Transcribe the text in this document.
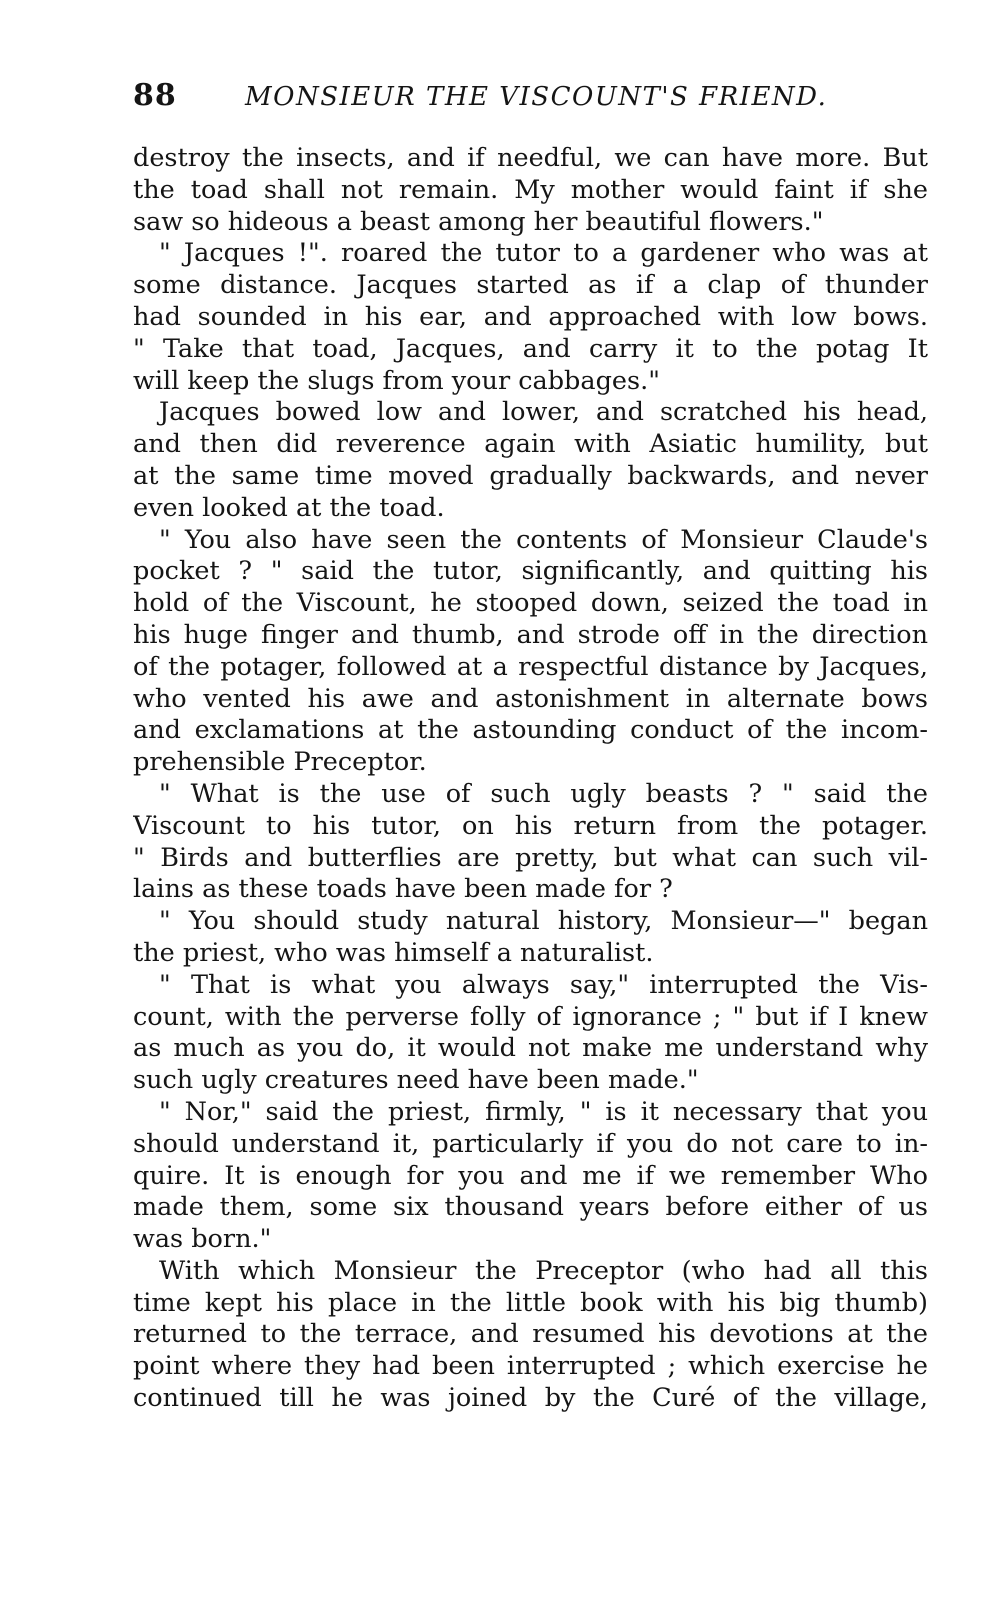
88	MONSIEUR THE VISCOUNT'S FRIEND.
destroy the insects, and if needful, we can have more. But
the toad shall not remain. My mother would faint if she
saw so hideous a beast among her beautiful flowers."
" Jacques !". roared the tutor to a gardener who was at
some distance. Jacques started as if a clap of thunder
had sounded in his ear, and approached with low bows.
" Take that toad, Jacques, and carry it to the potag It
will keep the slugs from your cabbages."
Jacques bowed low and lower, and scratched his head,
and then did reverence again with Asiatic humility, but
at the same time moved gradually backwards, and never
even looked at the toad.
" You also have seen the contents of Monsieur Claude's
pocket ? " said the tutor, significantly, and quitting his
hold of the Viscount, he stooped down, seized the toad in
his huge finger and thumb, and strode off in the direction
of the potager, followed at a respectful distance by Jacques,
who vented his awe and astonishment in alternate bows
and exclamations at the astounding conduct of the incom-
prehensible Preceptor.
" What is the use of such ugly beasts ? " said the
Viscount to his tutor, on his return from the potager.
" Birds and butterflies are pretty, but what can such vil-
lains as these toads have been made for ?
" You should study natural history, Monsieur—" began
the priest, who was himself a naturalist.
" That is what you always say," interrupted the Vis-
count, with the perverse folly of ignorance ; " but if I knew
as much as you do, it would not make me understand why
such ugly creatures need have been made."
" Nor," said the priest, firmly, " is it necessary that you
should understand it, particularly if you do not care to in-
quire. It is enough for you and me if we remember Who
made them, some six thousand years before either of us
was born."
With which Monsieur the Preceptor (who had all this
time kept his place in the little book with his big thumb)
returned to the terrace, and resumed his devotions at the
point where they had been interrupted ; which exercise he
continued till he was joined by the Curé of the village,
